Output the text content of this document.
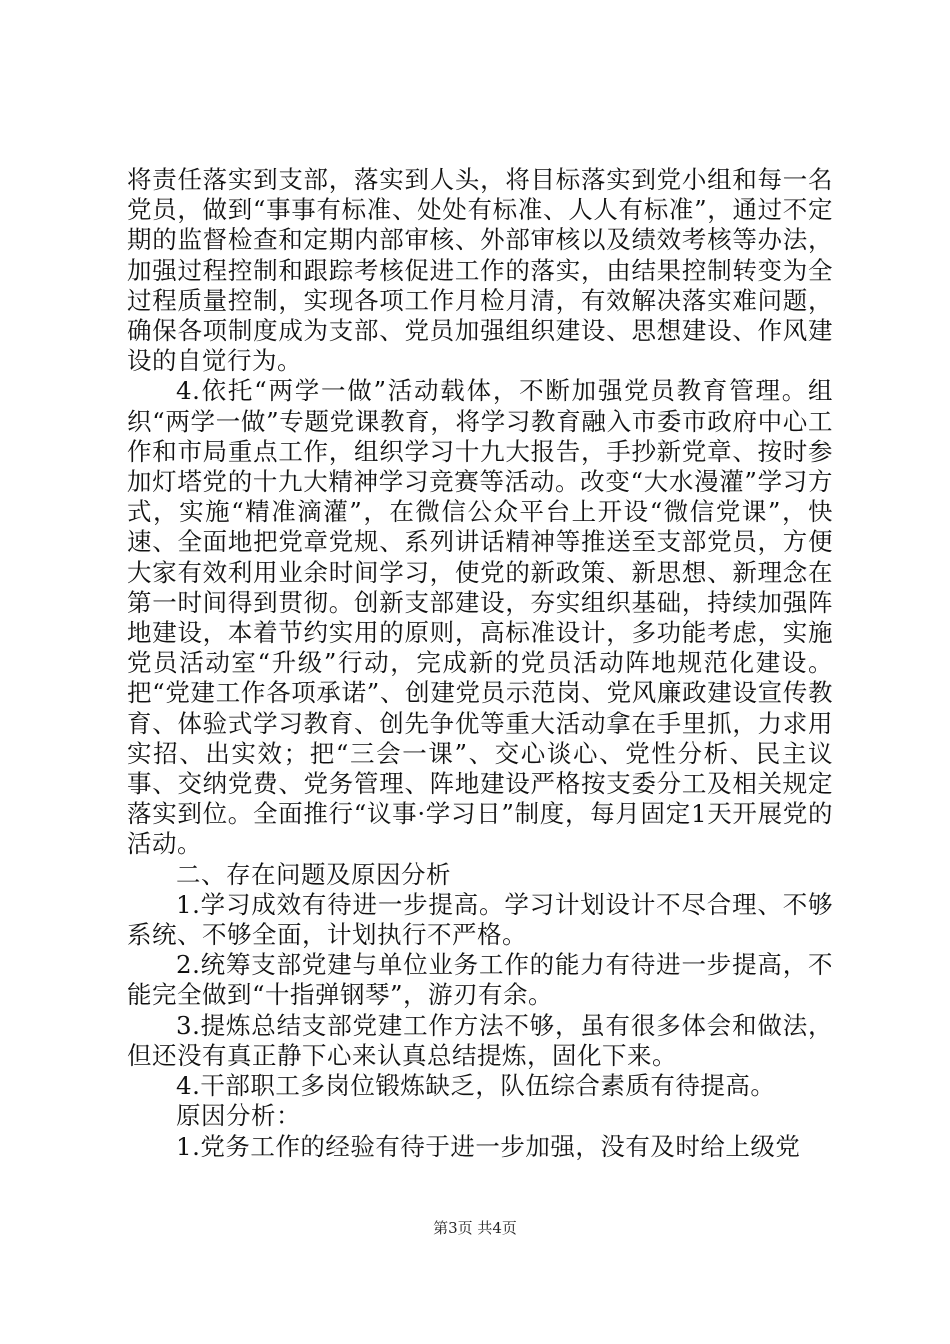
将责任落实到支部，落实到人头，将目标落实到党小组和每一名党员，做到“事事有标准、处处有标准、人人有标准”，通过不定期的监督检查和定期内部审核、外部审核以及绩效考核等办法，加强过程控制和跟踪考核促进工作的落实，由结果控制转变为全过程质量控制，实现各项工作月检月清，有效解决落实难问题，确保各项制度成为支部、党员加强组织建设、思想建设、作风建设的自觉行为。

4.依托“两学一做”活动载体，不断加强党员教育管理。组织“两学一做”专题党课教育，将学习教育融入市委市政府中心工作和市局重点工作，组织学习十九大报告，手抄新党章、按时参加灯塔党的十九大精神学习竞赛等活动。改变“大水漫灌”学习方式，实施“精准滴灌”，在微信公众平台上开设“微信党课”，快速、全面地把党章党规、系列讲话精神等推送至支部党员，方便大家有效利用业余时间学习，使党的新政策、新思想、新理念在第一时间得到贯彻。创新支部建设，夯实组织基础，持续加强阵地建设，本着节约实用的原则，高标准设计，多功能考虑，实施党员活动室“升级”行动，完成新的党员活动阵地规范化建设。把“党建工作各项承诺”、创建党员示范岗、党风廉政建设宣传教育、体验式学习教育、创先争优等重大活动拿在手里抓，力求用实招、出实效；把“三会一课”、交心谈心、党性分析、民主议事、交纳党费、党务管理、阵地建设严格按支委分工及相关规定落实到位。全面推行“议事·学习日”制度，每月固定1天开展党的活动。

二、存在问题及原因分析

1.学习成效有待进一步提高。学习计划设计不尽合理、不够系统、不够全面，计划执行不严格。

2.统筹支部党建与单位业务工作的能力有待进一步提高，不能完全做到“十指弹钢琴”，游刃有余。

3.提炼总结支部党建工作方法不够，虽有很多体会和做法，但还没有真正静下心来认真总结提炼，固化下来。

4.干部职工多岗位锻炼缺乏，队伍综合素质有待提高。

原因分析：

1.党务工作的经验有待于进一步加强，没有及时给上级党

第3页 共4页
